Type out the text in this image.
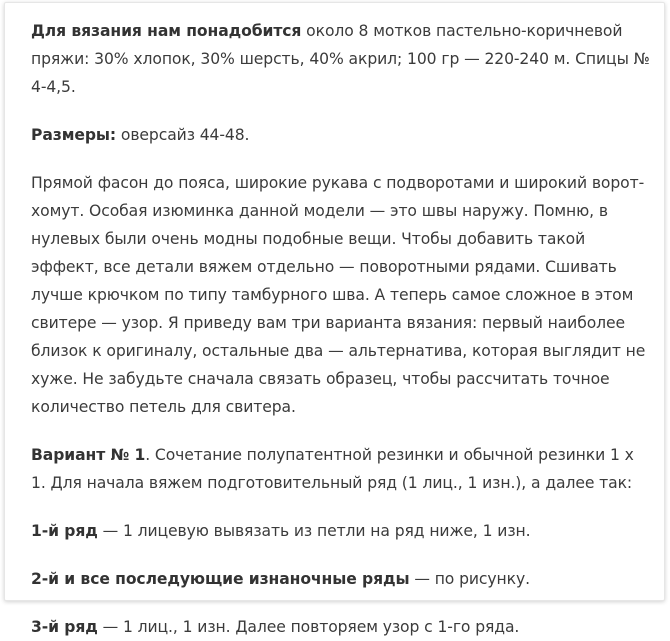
Для вязания нам понадобится около 8 мотков пастельно-коричневой пряжи: 30% хлопок, 30% шерсть, 40% акрил; 100 гр — 220-240 м. Спицы № 4-4,5.

Размеры: оверсайз 44-48.

Прямой фасон до пояса, широкие рукава с подворотами и широкий ворот-хомут. Особая изюминка данной модели — это швы наружу. Помню, в нулевых были очень модны подобные вещи. Чтобы добавить такой эффект, все детали вяжем отдельно — поворотными рядами. Сшивать лучше крючком по типу тамбурного шва. А теперь самое сложное в этом свитере — узор. Я приведу вам три варианта вязания: первый наиболее близок к оригиналу, остальные два — альтернатива, которая выглядит не хуже. Не забудьте сначала связать образец, чтобы рассчитать точное количество петель для свитера.

Вариант № 1. Сочетание полупатентной резинки и обычной резинки 1 х 1. Для начала вяжем подготовительный ряд (1 лиц., 1 изн.), а далее так:

1-й ряд — 1 лицевую вывязать из петли на ряд ниже, 1 изн.

2-й и все последующие изнаночные ряды — по рисунку.

3-й ряд — 1 лиц., 1 изн. Далее повторяем узор с 1-го ряда.
